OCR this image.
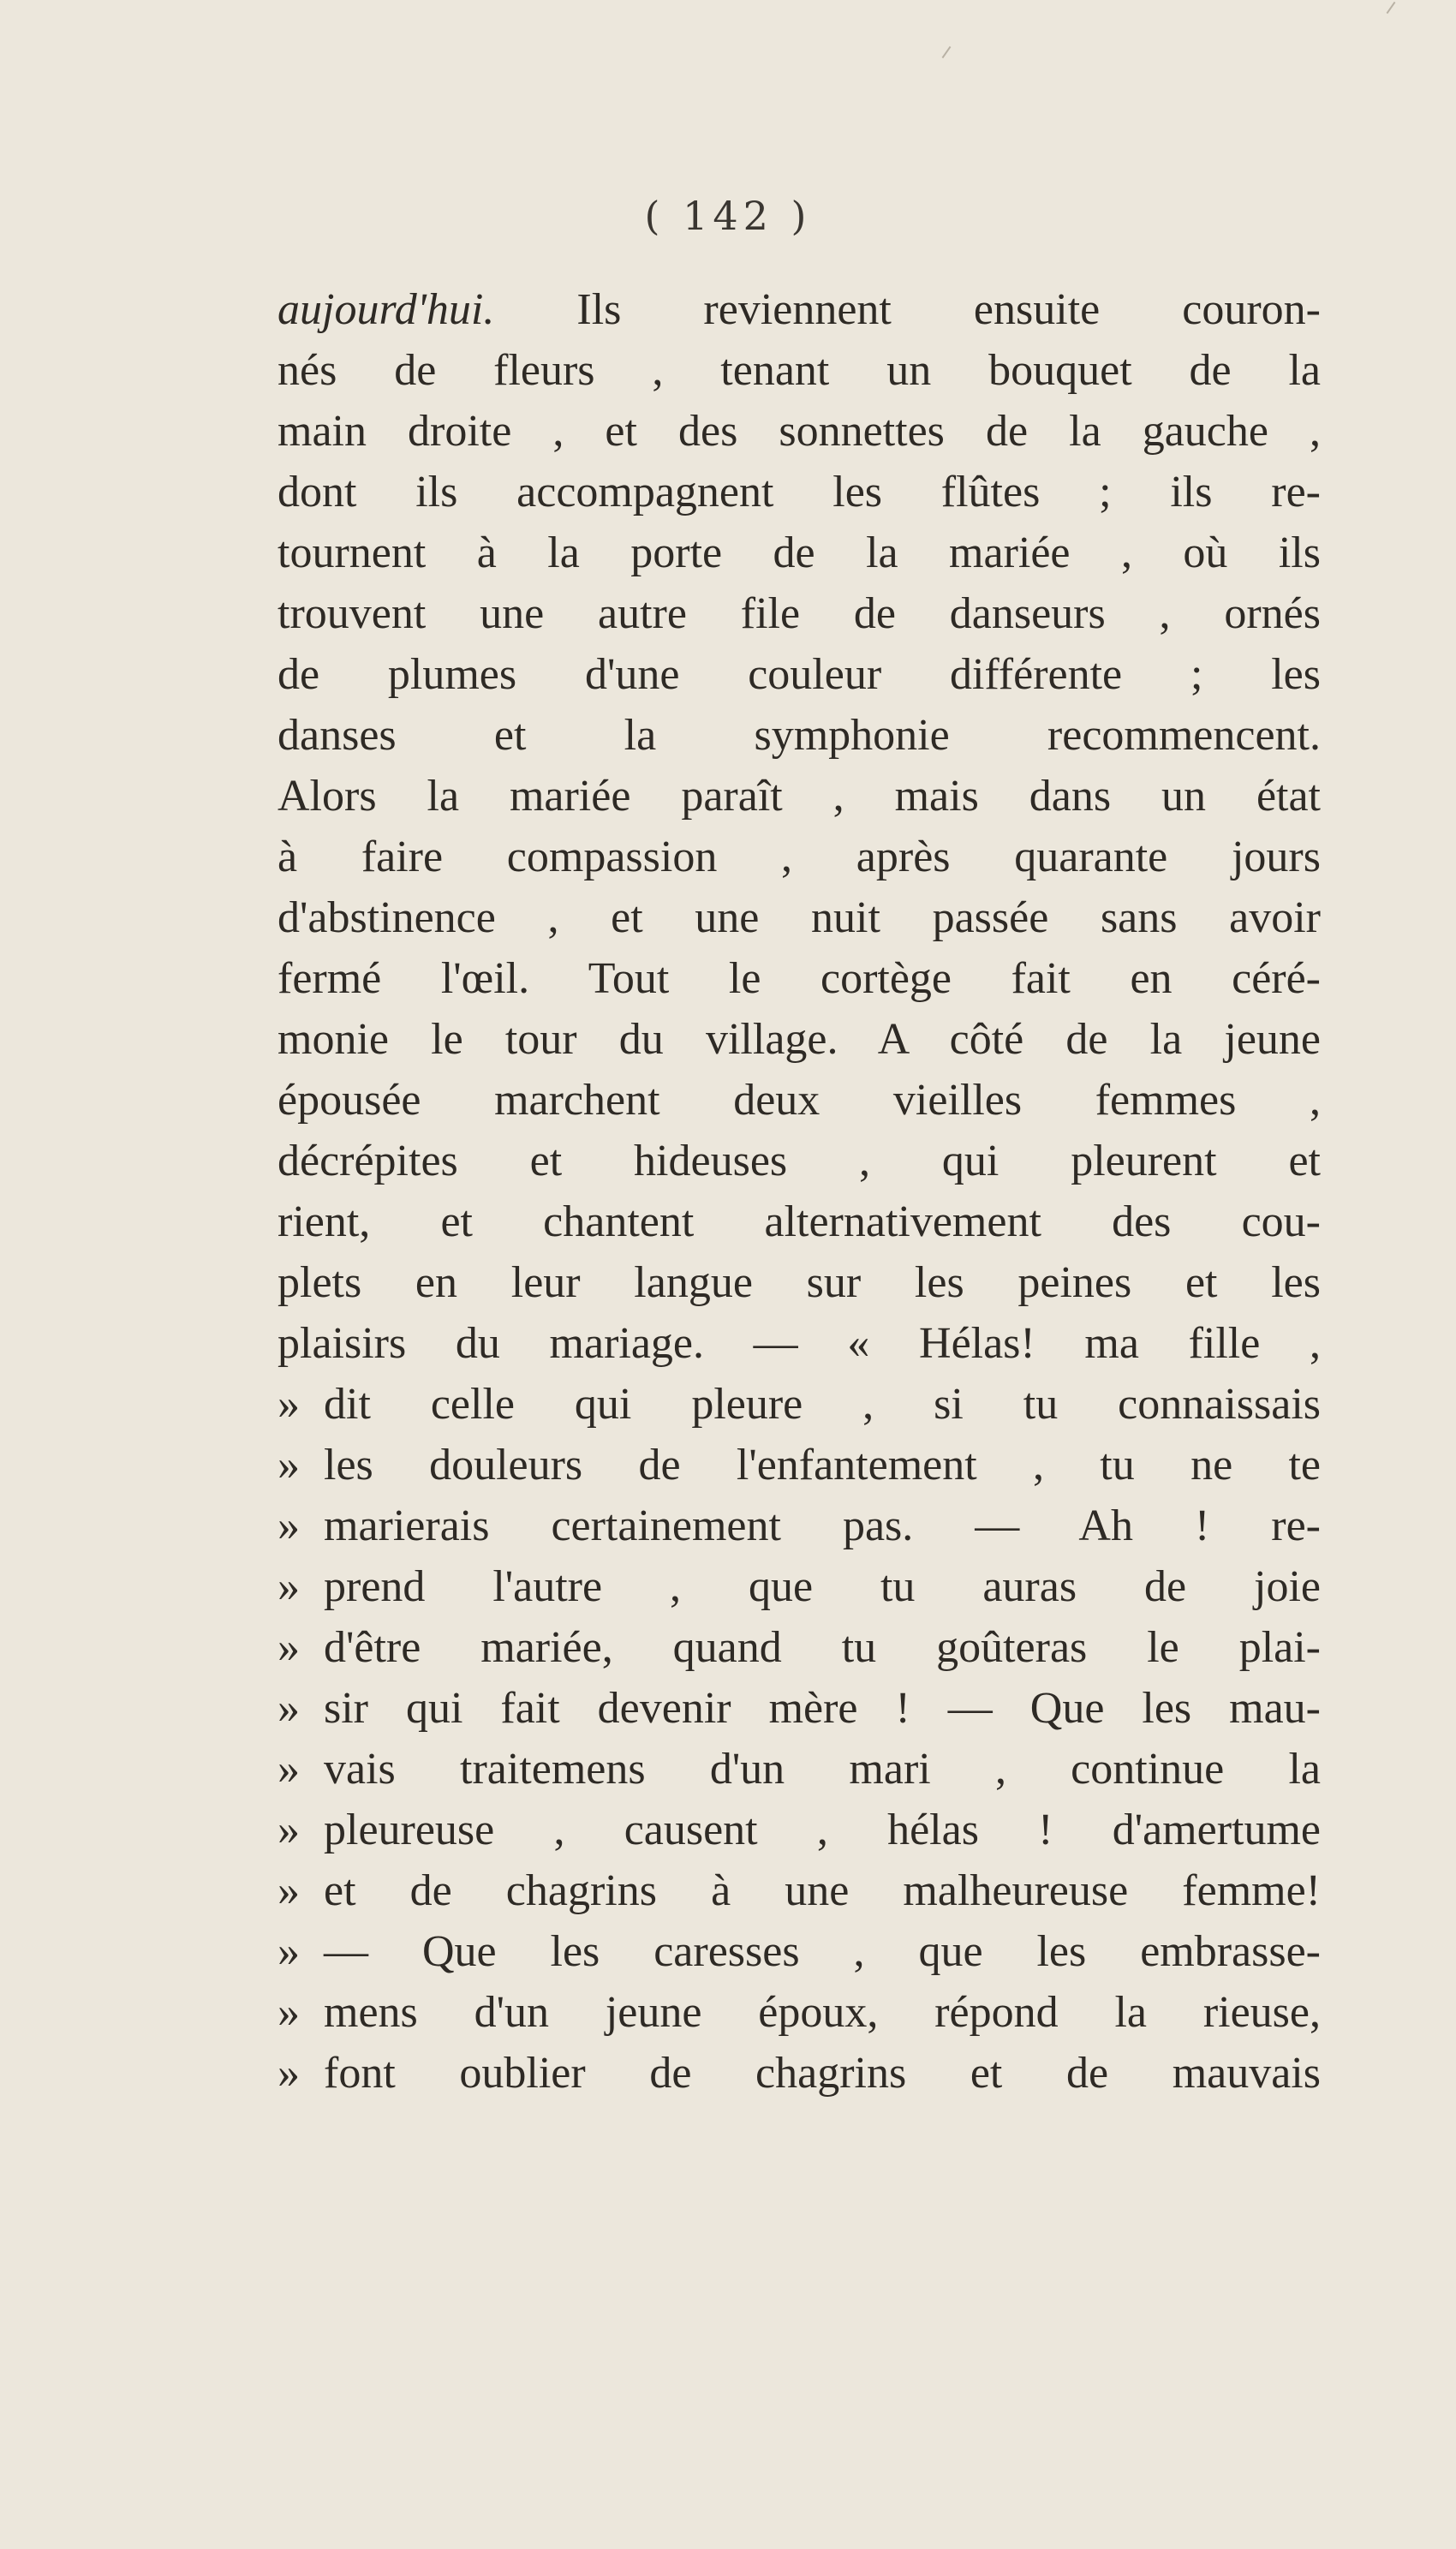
( 142 )
aujourd'hui. Ils reviennent ensuite couron-
nés de fleurs , tenant un bouquet de la
main droite , et des sonnettes de la gauche ,
dont ils accompagnent les flûtes ; ils re-
tournent à la porte de la mariée , où ils
trouvent une autre file de danseurs , ornés
de plumes d'une couleur différente ; les
danses et la symphonie recommencent.
Alors la mariée paraît , mais dans un état
à faire compassion , après quarante jours
d'abstinence , et une nuit passée sans avoir
fermé l'œil. Tout le cortège fait en céré-
monie le tour du village. A côté de la jeune
épousée marchent deux vieilles femmes ,
décrépites et hideuses , qui pleurent et
rient, et chantent alternativement des cou-
plets en leur langue sur les peines et les
plaisirs du mariage. — « Hélas! ma fille ,
» dit celle qui pleure , si tu connaissais
» les douleurs de l'enfantement , tu ne te
» marierais certainement pas. — Ah ! re-
» prend l'autre , que tu auras de joie
» d'être mariée, quand tu goûteras le plai-
» sir qui fait devenir mère ! — Que les mau-
» vais traitemens d'un mari , continue la
» pleureuse , causent , hélas ! d'amertume
» et de chagrins à une malheureuse femme!
» — Que les caresses , que les embrasse-
» mens d'un jeune époux, répond la rieuse,
» font oublier de chagrins et de mauvais
